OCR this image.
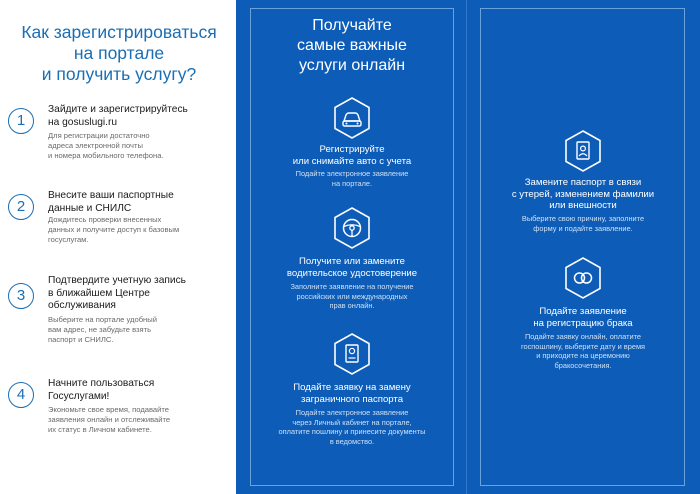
Как зарегистрироваться
на портале
и получить услугу?
1
Зайдите и зарегистрируйтесь
на gosuslugi.ru
Для регистрации достаточно
адреса электронной почты
и номера мобильного телефона.
2
Внесите ваши паспортные
данные и СНИЛС
Дождитесь проверки внесенных
данных и получите доступ к базовым
госуслугам.
3
Подтвердите учетную запись
в ближайшем Центре
обслуживания
Выберите на портале удобный
вам адрес, не забудьте взять
паспорт и СНИЛС.
4
Начните пользоваться
Госуслугами!
Экономьте свое время, подавайте
заявления онлайн и отслеживайте
их статус в Личном кабинете.
Получайте
самые важные
услуги онлайн
Регистрируйте
или снимайте авто с учета
Подайте электронное заявление
на портале.
Получите или замените
водительское удостоверение
Заполните заявление на получение
российских или международных
прав онлайн.
Подайте заявку на замену
заграничного паспорта
Подайте электронное заявление
через Личный кабинет на портале,
оплатите пошлину и принесите документы
в ведомство.
Замените паспорт в связи
с утерей, изменением фамилии
или внешности
Выберите свою причину, заполните
форму и подайте заявление.
Подайте заявление
на регистрацию брака
Подайте заявку онлайн, оплатите
госпошлину, выберите дату и время
и приходите на церемонию
бракосочетания.
